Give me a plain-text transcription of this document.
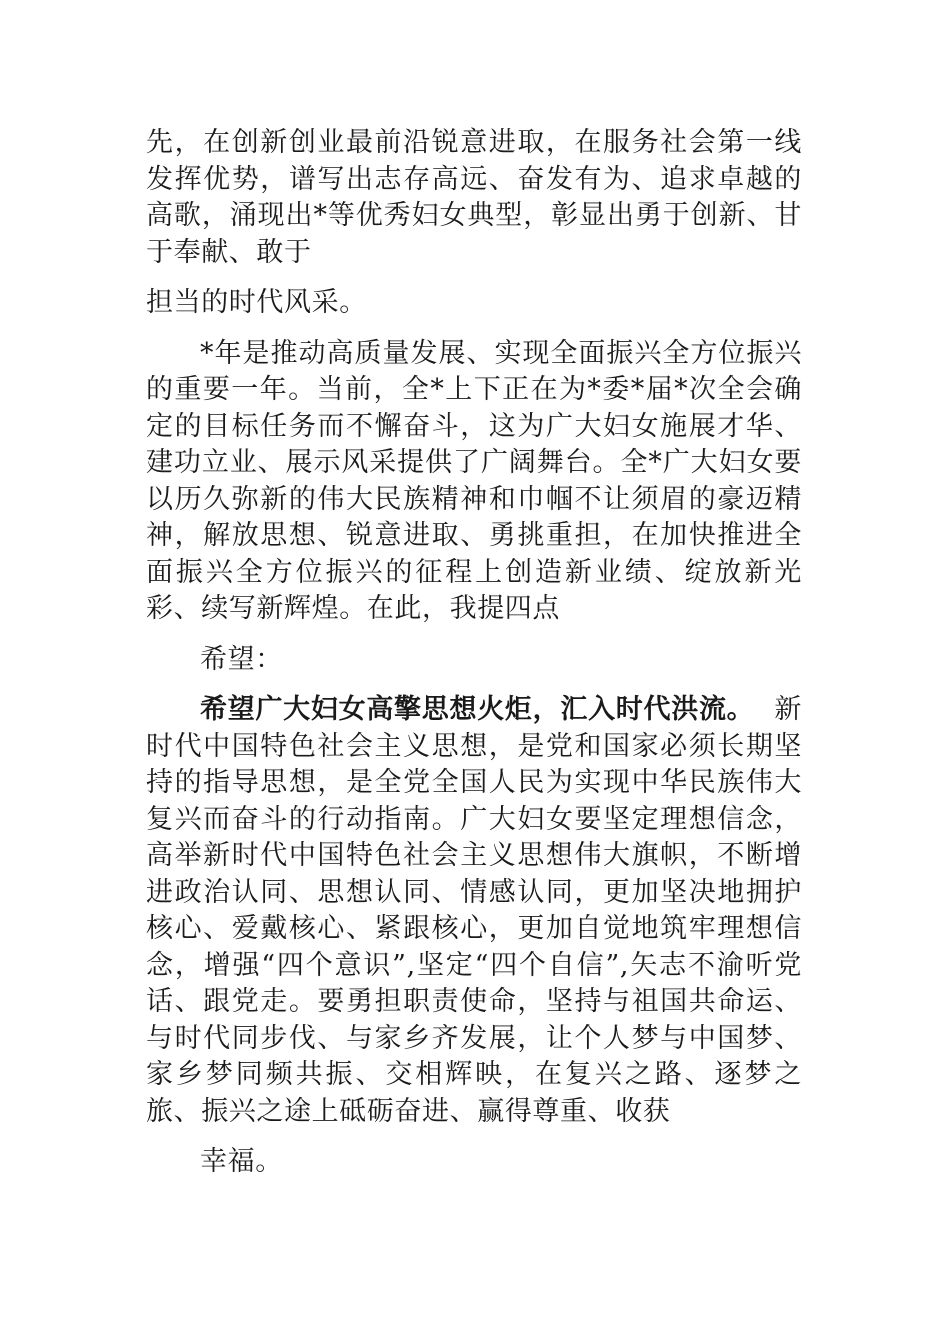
先，在创新创业最前沿锐意进取，在服务社会第一线发挥优势，谱写出志存高远、奋发有为、追求卓越的高歌，涌现出*等优秀妇女典型，彰显出勇于创新、甘于奉献、敢于
担当的时代风采。

*年是推动高质量发展、实现全面振兴全方位振兴的重要一年。当前，全*上下正在为*委*届*次全会确定的目标任务而不懈奋斗，这为广大妇女施展才华、建功立业、展示风采提供了广阔舞台。全*广大妇女要以历久弥新的伟大民族精神和巾帼不让须眉的豪迈精神，解放思想、锐意进取、勇挑重担，在加快推进全面振兴全方位振兴的征程上创造新业绩、绽放新光彩、续写新辉煌。在此，我提四点
希望：

希望广大妇女高擎思想火炬，汇入时代洪流。 新时代中国特色社会主义思想，是党和国家必须长期坚持的指导思想，是全党全国人民为实现中华民族伟大复兴而奋斗的行动指南。广大妇女要坚定理想信念，高举新时代中国特色社会主义思想伟大旗帜，不断增进政治认同、思想认同、情感认同，更加坚决地拥护核心、爱戴核心、紧跟核心，更加自觉地筑牢理想信念，增强“四个意识”,坚定“四个自信”,矢志不渝听党话、跟党走。要勇担职责使命，坚持与祖国共命运、与时代同步伐、与家乡齐发展，让个人梦与中国梦、家乡梦同频共振、交相辉映，在复兴之路、逐梦之旅、振兴之途上砥砺奋进、赢得尊重、收获
幸福。
